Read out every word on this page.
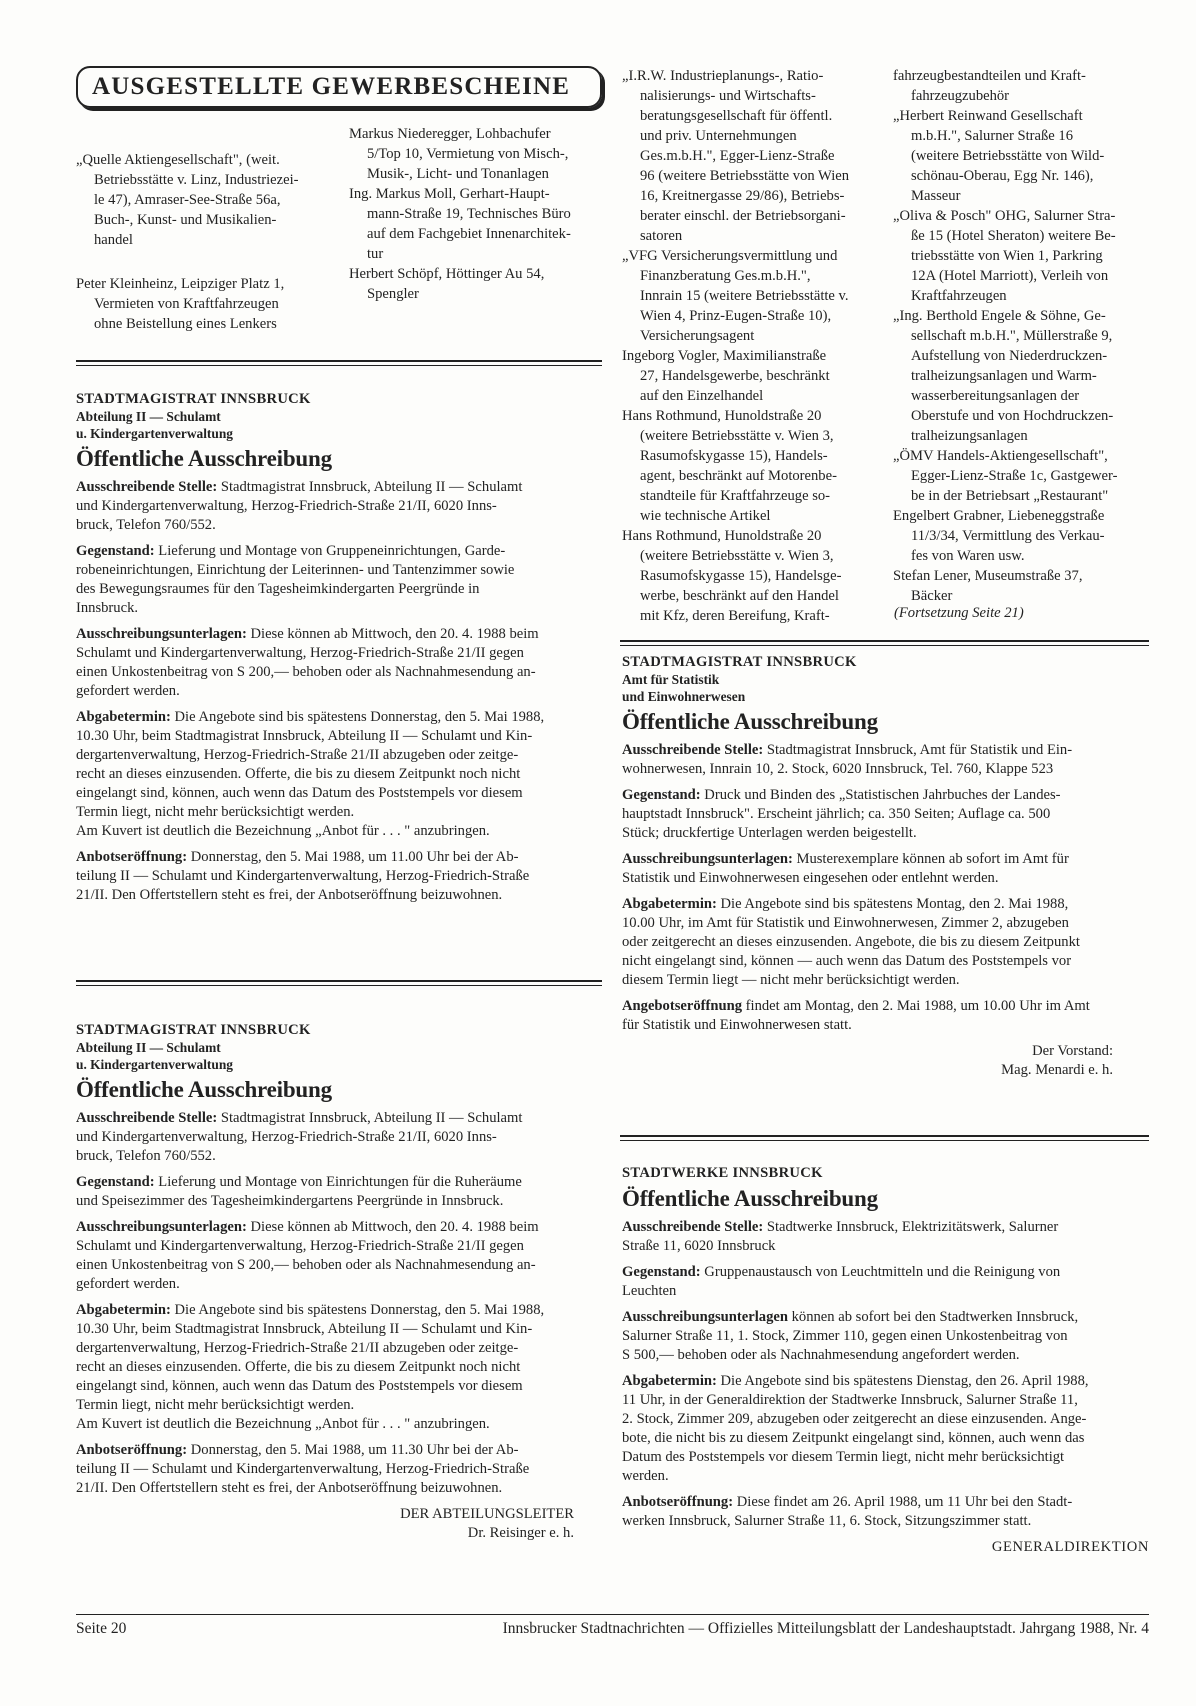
AUSGESTELLTE GEWERBESCHEINE

„Quelle Aktiengesellschaft", (weit.

Betriebsstätte v. Linz, Industriezei-

le 47), Amraser-See-Straße 56a,

Buch-, Kunst- und Musikalien-

handel

Peter Kleinheinz, Leipziger Platz 1,

Vermieten von Kraftfahrzeugen

ohne Beistellung eines Lenkers

Markus Niederegger, Lohbachufer

5/Top 10, Vermietung von Misch-,

Musik-, Licht- und Tonanlagen

Ing. Markus Moll, Gerhart-Haupt-

mann-Straße 19, Technisches Büro

auf dem Fachgebiet Innenarchitek-

tur

Herbert Schöpf, Höttinger Au 54,

Spengler

„I.R.W. Industrieplanungs-, Ratio-

nalisierungs- und Wirtschafts-

beratungsgesellschaft für öffentl.

und priv. Unternehmungen

Ges.m.b.H.", Egger-Lienz-Straße

96 (weitere Betriebsstätte von Wien

16, Kreitnergasse 29/86), Betriebs-

berater einschl. der Betriebsorgani-

satoren

„VFG Versicherungsvermittlung und

Finanzberatung Ges.m.b.H.",

Innrain 15 (weitere Betriebsstätte v.

Wien 4, Prinz-Eugen-Straße 10),

Versicherungsagent

Ingeborg Vogler, Maximilianstraße

27, Handelsgewerbe, beschränkt

auf den Einzelhandel

Hans Rothmund, Hunoldstraße 20

(weitere Betriebsstätte v. Wien 3,

Rasumofskygasse 15), Handels-

agent, beschränkt auf Motorenbe-

standteile für Kraftfahrzeuge so-

wie technische Artikel

Hans Rothmund, Hunoldstraße 20

(weitere Betriebsstätte v. Wien 3,

Rasumofskygasse 15), Handelsge-

werbe, beschränkt auf den Handel

mit Kfz, deren Bereifung, Kraft-

fahrzeugbestandteilen und Kraft-

fahrzeugzubehör

„Herbert Reinwand Gesellschaft

m.b.H.", Salurner Straße 16

(weitere Betriebsstätte von Wild-

schönau-Oberau, Egg Nr. 146),

Masseur

„Oliva & Posch" OHG, Salurner Stra-

ße 15 (Hotel Sheraton) weitere Be-

triebsstätte von Wien 1, Parkring

12A (Hotel Marriott), Verleih von

Kraftfahrzeugen

„Ing. Berthold Engele & Söhne, Ge-

sellschaft m.b.H.", Müllerstraße 9,

Aufstellung von Niederdruckzen-

tralheizungsanlagen und Warm-

wasserbereitungsanlagen der

Oberstufe und von Hochdruckzen-

tralheizungsanlagen

„ÖMV Handels-Aktiengesellschaft",

Egger-Lienz-Straße 1c, Gastgewer-

be in der Betriebsart „Restaurant"

Engelbert Grabner, Liebeneggstraße

11/3/34, Vermittlung des Verkau-

fes von Waren usw.

Stefan Lener, Museumstraße 37,

Bäcker

(Fortsetzung Seite 21)
STADTMAGISTRAT INNSBRUCK
Abteilung II — Schulamt
u. Kindergartenverwaltung
Öffentliche Ausschreibung
Ausschreibende Stelle: Stadtmagistrat Innsbruck, Abteilung II — Schulamt
und Kindergartenverwaltung, Herzog-Friedrich-Straße 21/II, 6020 Inns-
bruck, Telefon 760/552.
Gegenstand: Lieferung und Montage von Gruppeneinrichtungen, Garde-
robeneinrichtungen, Einrichtung der Leiterinnen- und Tantenzimmer sowie
des Bewegungsraumes für den Tagesheimkindergarten Peergründe in
Innsbruck.
Ausschreibungsunterlagen: Diese können ab Mittwoch, den 20. 4. 1988 beim
Schulamt und Kindergartenverwaltung, Herzog-Friedrich-Straße 21/II gegen
einen Unkostenbeitrag von S 200,— behoben oder als Nachnahmesendung an-
gefordert werden.
Abgabetermin: Die Angebote sind bis spätestens Donnerstag, den 5. Mai 1988,
10.30 Uhr, beim Stadtmagistrat Innsbruck, Abteilung II — Schulamt und Kin-
dergartenverwaltung, Herzog-Friedrich-Straße 21/II abzugeben oder zeitge-
recht an dieses einzusenden. Offerte, die bis zu diesem Zeitpunkt noch nicht
eingelangt sind, können, auch wenn das Datum des Poststempels vor diesem
Termin liegt, nicht mehr berücksichtigt werden.
Am Kuvert ist deutlich die Bezeichnung „Anbot für . . . " anzubringen.
Anbotseröffnung: Donnerstag, den 5. Mai 1988, um 11.00 Uhr bei der Ab-
teilung II — Schulamt und Kindergartenverwaltung, Herzog-Friedrich-Straße
21/II. Den Offertstellern steht es frei, der Anbotseröffnung beizuwohnen.
STADTMAGISTRAT INNSBRUCK
Abteilung II — Schulamt
u. Kindergartenverwaltung
Öffentliche Ausschreibung
Ausschreibende Stelle: Stadtmagistrat Innsbruck, Abteilung II — Schulamt
und Kindergartenverwaltung, Herzog-Friedrich-Straße 21/II, 6020 Inns-
bruck, Telefon 760/552.
Gegenstand: Lieferung und Montage von Einrichtungen für die Ruheräume
und Speisezimmer des Tagesheimkindergartens Peergründe in Innsbruck.
Ausschreibungsunterlagen: Diese können ab Mittwoch, den 20. 4. 1988 beim
Schulamt und Kindergartenverwaltung, Herzog-Friedrich-Straße 21/II gegen
einen Unkostenbeitrag von S 200,— behoben oder als Nachnahmesendung an-
gefordert werden.
Abgabetermin: Die Angebote sind bis spätestens Donnerstag, den 5. Mai 1988,
10.30 Uhr, beim Stadtmagistrat Innsbruck, Abteilung II — Schulamt und Kin-
dergartenverwaltung, Herzog-Friedrich-Straße 21/II abzugeben oder zeitge-
recht an dieses einzusenden. Offerte, die bis zu diesem Zeitpunkt noch nicht
eingelangt sind, können, auch wenn das Datum des Poststempels vor diesem
Termin liegt, nicht mehr berücksichtigt werden.
Am Kuvert ist deutlich die Bezeichnung „Anbot für . . . " anzubringen.
Anbotseröffnung: Donnerstag, den 5. Mai 1988, um 11.30 Uhr bei der Ab-
teilung II — Schulamt und Kindergartenverwaltung, Herzog-Friedrich-Straße
21/II. Den Offertstellern steht es frei, der Anbotseröffnung beizuwohnen.
DER ABTEILUNGSLEITER
Dr. Reisinger e. h.
STADTMAGISTRAT INNSBRUCK
Amt für Statistik
und Einwohnerwesen
Öffentliche Ausschreibung
Ausschreibende Stelle: Stadtmagistrat Innsbruck, Amt für Statistik und Ein-
wohnerwesen, Innrain 10, 2. Stock, 6020 Innsbruck, Tel. 760, Klappe 523
Gegenstand: Druck und Binden des „Statistischen Jahrbuches der Landes-
hauptstadt Innsbruck". Erscheint jährlich; ca. 350 Seiten; Auflage ca. 500
Stück; druckfertige Unterlagen werden beigestellt.
Ausschreibungsunterlagen: Musterexemplare können ab sofort im Amt für
Statistik und Einwohnerwesen eingesehen oder entlehnt werden.
Abgabetermin: Die Angebote sind bis spätestens Montag, den 2. Mai 1988,
10.00 Uhr, im Amt für Statistik und Einwohnerwesen, Zimmer 2, abzugeben
oder zeitgerecht an dieses einzusenden. Angebote, die bis zu diesem Zeitpunkt
nicht eingelangt sind, können — auch wenn das Datum des Poststempels vor
diesem Termin liegt — nicht mehr berücksichtigt werden.
Angebotseröffnung findet am Montag, den 2. Mai 1988, um 10.00 Uhr im Amt
für Statistik und Einwohnerwesen statt.
Der Vorstand:
Mag. Menardi e. h.
STADTWERKE INNSBRUCK
Öffentliche Ausschreibung
Ausschreibende Stelle: Stadtwerke Innsbruck, Elektrizitätswerk, Salurner
Straße 11, 6020 Innsbruck
Gegenstand: Gruppenaustausch von Leuchtmitteln und die Reinigung von
Leuchten
Ausschreibungsunterlagen können ab sofort bei den Stadtwerken Innsbruck,
Salurner Straße 11, 1. Stock, Zimmer 110, gegen einen Unkostenbeitrag von
S 500,— behoben oder als Nachnahmesendung angefordert werden.
Abgabetermin: Die Angebote sind bis spätestens Dienstag, den 26. April 1988,
11 Uhr, in der Generaldirektion der Stadtwerke Innsbruck, Salurner Straße 11,
2. Stock, Zimmer 209, abzugeben oder zeitgerecht an diese einzusenden. Ange-
bote, die nicht bis zu diesem Zeitpunkt eingelangt sind, können, auch wenn das
Datum des Poststempels vor diesem Termin liegt, nicht mehr berücksichtigt
werden.
Anbotseröffnung: Diese findet am 26. April 1988, um 11 Uhr bei den Stadt-
werken Innsbruck, Salurner Straße 11, 6. Stock, Sitzungszimmer statt.
GENERALDIREKTION
Seite 20	Innsbrucker Stadtnachrichten — Offizielles Mitteilungsblatt der Landeshauptstadt. Jahrgang 1988, Nr. 4
